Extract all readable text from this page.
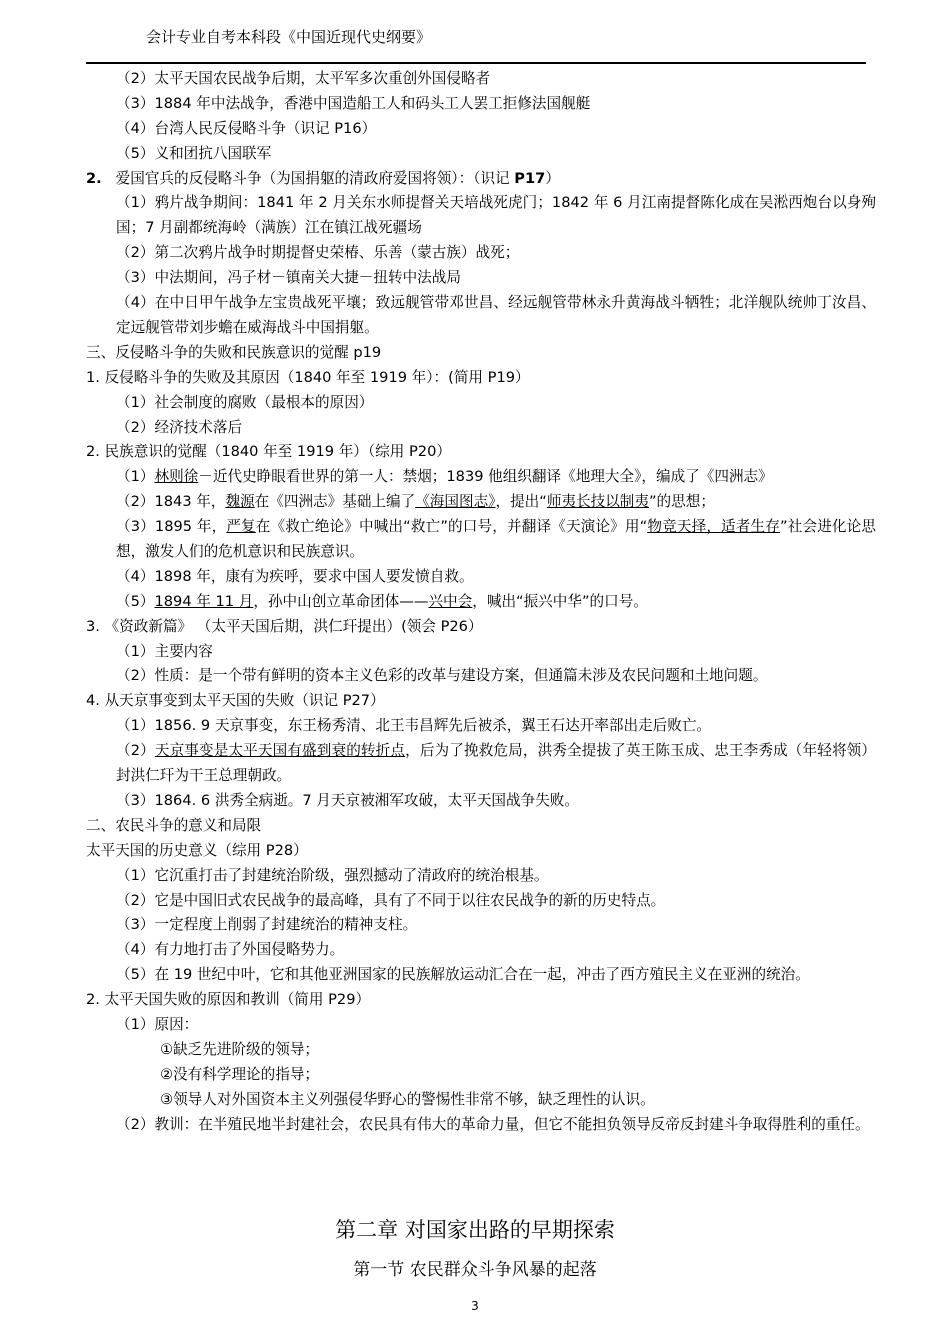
会计专业自考本科段《中国近现代史纲要》
（2）太平天国农民战争后期，太平军多次重创外国侵略者
（3）1884 年中法战争，香港中国造船工人和码头工人罢工拒修法国舰艇
（4）台湾人民反侵略斗争（识记 P16）
（5）义和团抗八国联军
2. 爱国官兵的反侵略斗争（为国捐躯的清政府爱国将领）：（识记 P17）
（1）鸦片战争期间：1841 年 2 月关东水师提督关天培战死虎门；1842 年 6 月江南提督陈化成在吴淞西炮台以身殉国；7 月副都统海岭（满族）江在镇江战死疆场
（2）第二次鸦片战争时期提督史荣椿、乐善（蒙古族）战死；
（3）中法期间，冯子材－镇南关大捷－扭转中法战局
（4）在中日甲午战争左宝贵战死平壤；致远舰管带邓世昌、经远舰管带林永升黄海战斗牺牲；北洋舰队统帅丁汝昌、定远舰管带刘步蟾在威海战斗中国捐躯。
三、反侵略斗争的失败和民族意识的觉醒 p19
1. 反侵略斗争的失败及其原因（1840 年至 1919 年）：(简用 P19）
（1）社会制度的腐败（最根本的原因）
（2）经济技术落后
2. 民族意识的觉醒（1840 年至 1919 年）（综用 P20）
（1）林则徐－近代史睁眼看世界的第一人：禁烟；1839 他组织翻译《地理大全》，编成了《四洲志》
（2）1843 年，魏源在《四洲志》基础上编了《海国图志》，提出“师夷长技以制夷”的思想；
（3）1895 年，严复在《救亡绝论》中喊出“救亡”的口号，并翻译《天演论》用“物竞天择，适者生存”社会进化论思想，激发人们的危机意识和民族意识。
（4）1898 年，康有为疾呼，要求中国人要发愤自救。
（5）1894 年 11 月，孙中山创立革命团体——兴中会，喊出“振兴中华”的口号。
3. 《资政新篇》 （太平天国后期，洪仁玕提出）(领会 P26）
（1）主要内容
（2）性质：是一个带有鲜明的资本主义色彩的改革与建设方案，但通篇未涉及农民问题和土地问题。
4. 从天京事变到太平天国的失败（识记 P27）
（1）1856. 9 天京事变，东王杨秀清、北王韦昌辉先后被杀，翼王石达开率部出走后败亡。
（2）天京事变是太平天国有盛到衰的转折点，后为了挽救危局，洪秀全提拔了英王陈玉成、忠王李秀成（年轻将领）封洪仁玕为干王总理朝政。
（3）1864. 6 洪秀全病逝。7 月天京被湘军攻破，太平天国战争失败。
二、农民斗争的意义和局限
太平天国的历史意义（综用 P28）
（1）它沉重打击了封建统治阶级，强烈撼动了清政府的统治根基。
（2）它是中国旧式农民战争的最高峰，具有了不同于以往农民战争的新的历史特点。
（3）一定程度上削弱了封建统治的精神支柱。
（4）有力地打击了外国侵略势力。
（5）在 19 世纪中叶，它和其他亚洲国家的民族解放运动汇合在一起，冲击了西方殖民主义在亚洲的统治。
2. 太平天国失败的原因和教训（简用 P29）
（1）原因：
①缺乏先进阶级的领导；
②没有科学理论的指导；
③领导人对外国资本主义列强侵华野心的警惕性非常不够，缺乏理性的认识。
（2）教训：在半殖民地半封建社会，农民具有伟大的革命力量，但它不能担负领导反帝反封建斗争取得胜利的重任。
第二章 对国家出路的早期探索
第一节 农民群众斗争风暴的起落
3
